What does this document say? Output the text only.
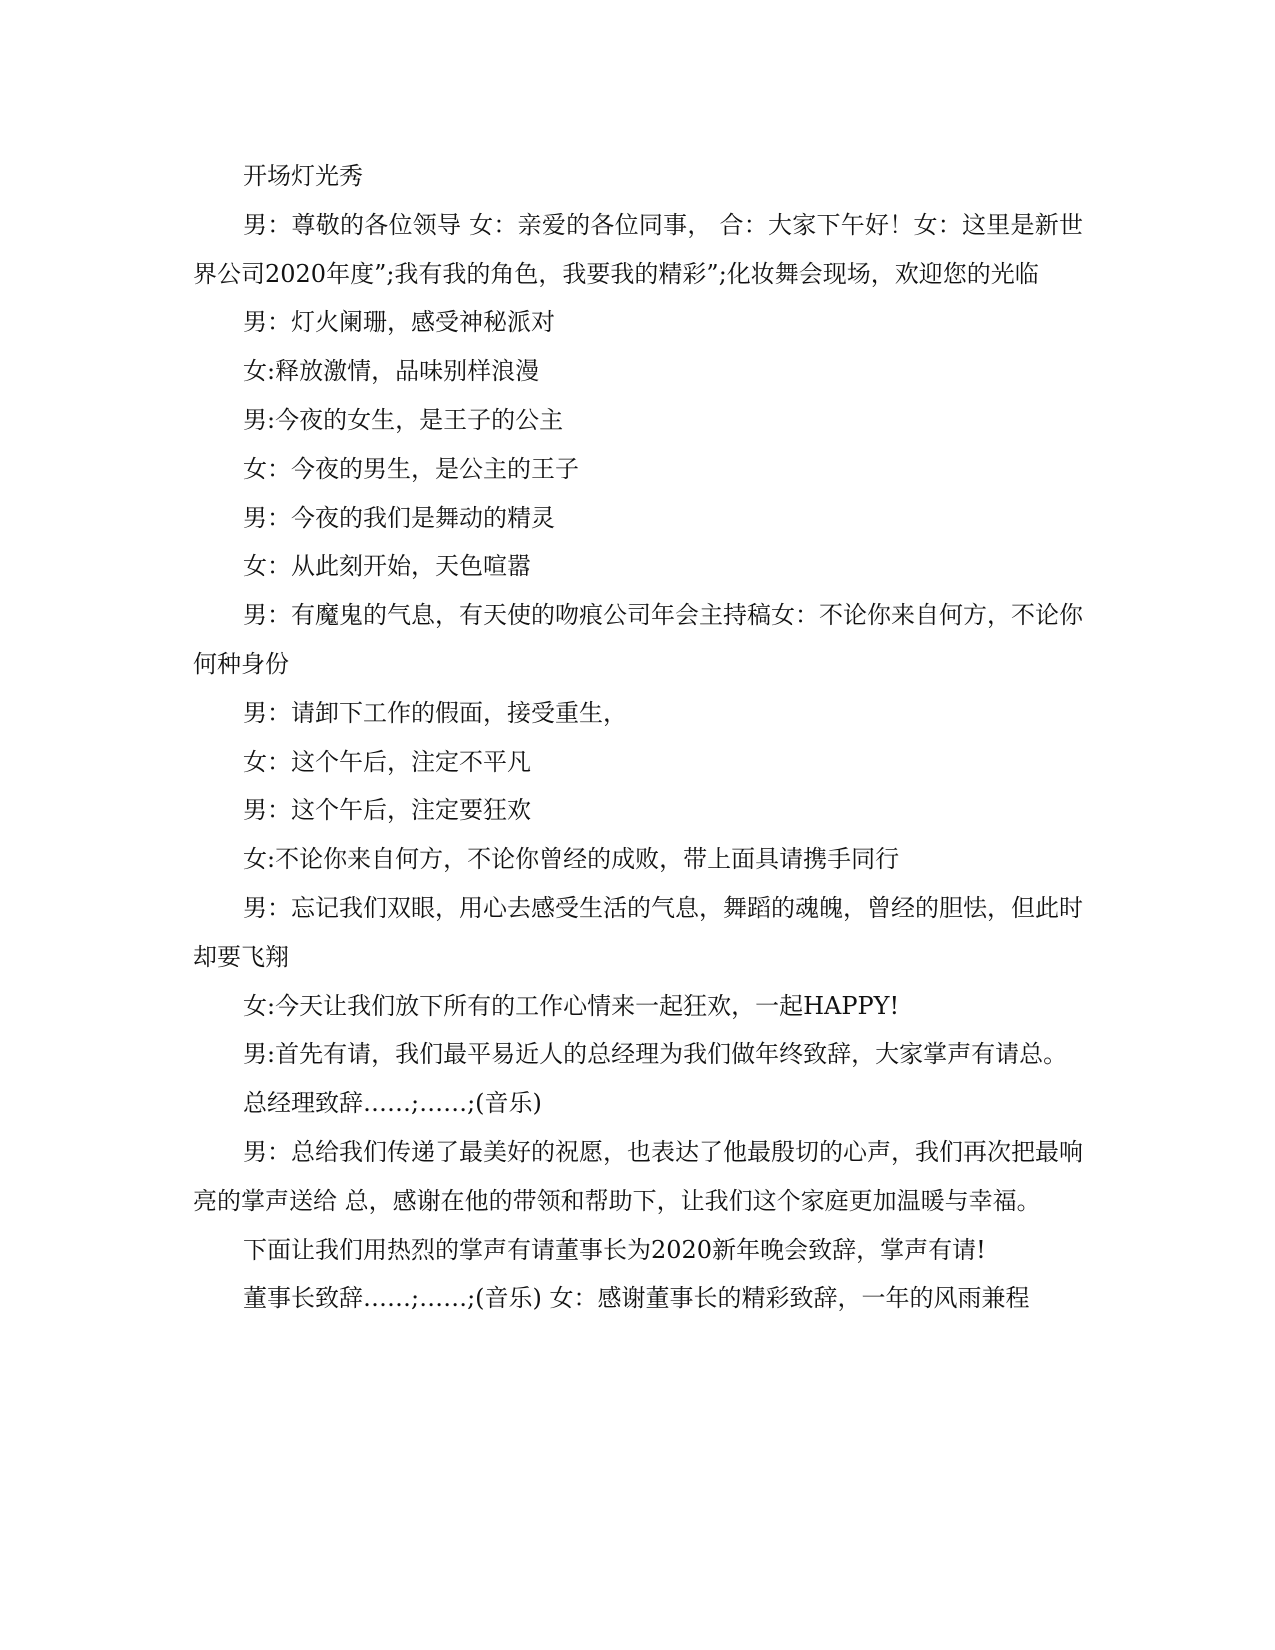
开场灯光秀

男：尊敬的各位领导 女：亲爱的各位同事， 合：大家下午好！女：这里是新世界公司2020年度”;我有我的角色，我要我的精彩”;化妆舞会现场，欢迎您的光临

男：灯火阑珊，感受神秘派对

女:释放激情，品味别样浪漫

男:今夜的女生，是王子的公主

女：今夜的男生，是公主的王子

男：今夜的我们是舞动的精灵

女：从此刻开始，天色喧嚣

男：有魔鬼的气息，有天使的吻痕公司年会主持稿女：不论你来自何方，不论你何种身份

男：请卸下工作的假面，接受重生，

女：这个午后，注定不平凡

男：这个午后，注定要狂欢

女:不论你来自何方，不论你曾经的成败，带上面具请携手同行

男：忘记我们双眼，用心去感受生活的气息，舞蹈的魂魄，曾经的胆怯，但此时却要飞翔

女:今天让我们放下所有的工作心情来一起狂欢，一起HAPPY!

男:首先有请，我们最平易近人的总经理为我们做年终致辞，大家掌声有请总。

总经理致辞……;……;(音乐)

男：总给我们传递了最美好的祝愿，也表达了他最殷切的心声，我们再次把最响亮的掌声送给 总，感谢在他的带领和帮助下，让我们这个家庭更加温暖与幸福。

下面让我们用热烈的掌声有请董事长为2020新年晚会致辞，掌声有请!

董事长致辞……;……;(音乐) 女：感谢董事长的精彩致辞，一年的风雨兼程
